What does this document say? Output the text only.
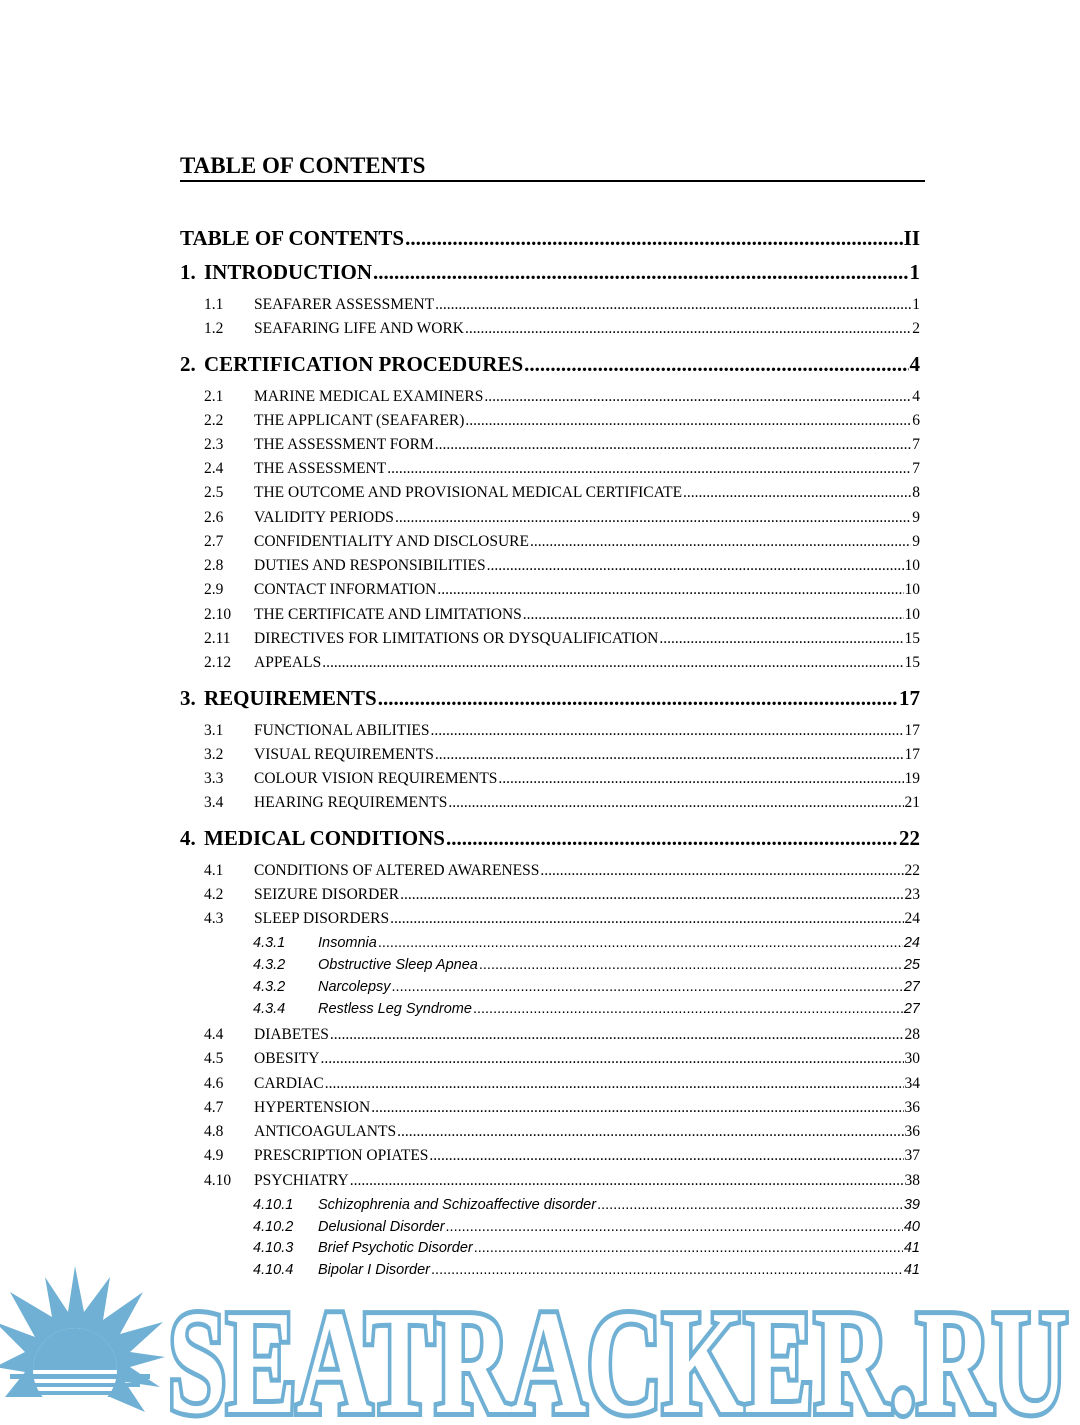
TABLE OF CONTENTS
TABLE OF CONTENTS .....	II
1. INTRODUCTION .....	1
1.1	SEAFARER ASSESSMENT .....	1
1.2	SEAFARING LIFE AND WORK .....	2
2. CERTIFICATION PROCEDURES .....	4
2.1	MARINE MEDICAL EXAMINERS .....	4
2.2	THE APPLICANT (SEAFARER) .....	6
2.3	THE ASSESSMENT FORM .....	7
2.4	THE ASSESSMENT .....	7
2.5	THE OUTCOME AND PROVISIONAL MEDICAL CERTIFICATE .....	8
2.6	VALIDITY PERIODS .....	9
2.7	CONFIDENTIALITY AND DISCLOSURE .....	9
2.8	DUTIES AND RESPONSIBILITIES .....	10
2.9	CONTACT INFORMATION .....	10
2.10	THE CERTIFICATE AND LIMITATIONS .....	10
2.11	DIRECTIVES FOR LIMITATIONS OR DYSQUALIFICATION .....	15
2.12	APPEALS .....	15
3. REQUIREMENTS .....	17
3.1	FUNCTIONAL ABILITIES .....	17
3.2	VISUAL REQUIREMENTS .....	17
3.3	COLOUR VISION REQUIREMENTS .....	19
3.4	HEARING REQUIREMENTS .....	21
4. MEDICAL CONDITIONS .....	22
4.1	CONDITIONS OF ALTERED AWARENESS .....	22
4.2	SEIZURE DISORDER .....	23
4.3	SLEEP DISORDERS .....	24
4.3.1	Insomnia .....	24
4.3.2	Obstructive Sleep Apnea .....	25
4.3.2	Narcolepsy .....	27
4.3.4	Restless Leg Syndrome .....	27
4.4	DIABETES .....	28
4.5	OBESITY .....	30
4.6	CARDIAC .....	34
4.7	HYPERTENSION .....	36
4.8	ANTICOAGULANTS .....	36
4.9	PRESCRIPTION OPIATES .....	37
4.10	PSYCHIATRY .....	38
4.10.1	Schizophrenia and Schizoaffective disorder .....	39
4.10.2	Delusional Disorder .....	40
4.10.3	Brief Psychotic Disorder .....	41
4.10.4	Bipolar I Disorder .....	41
ii
SEATRACKER.RU
